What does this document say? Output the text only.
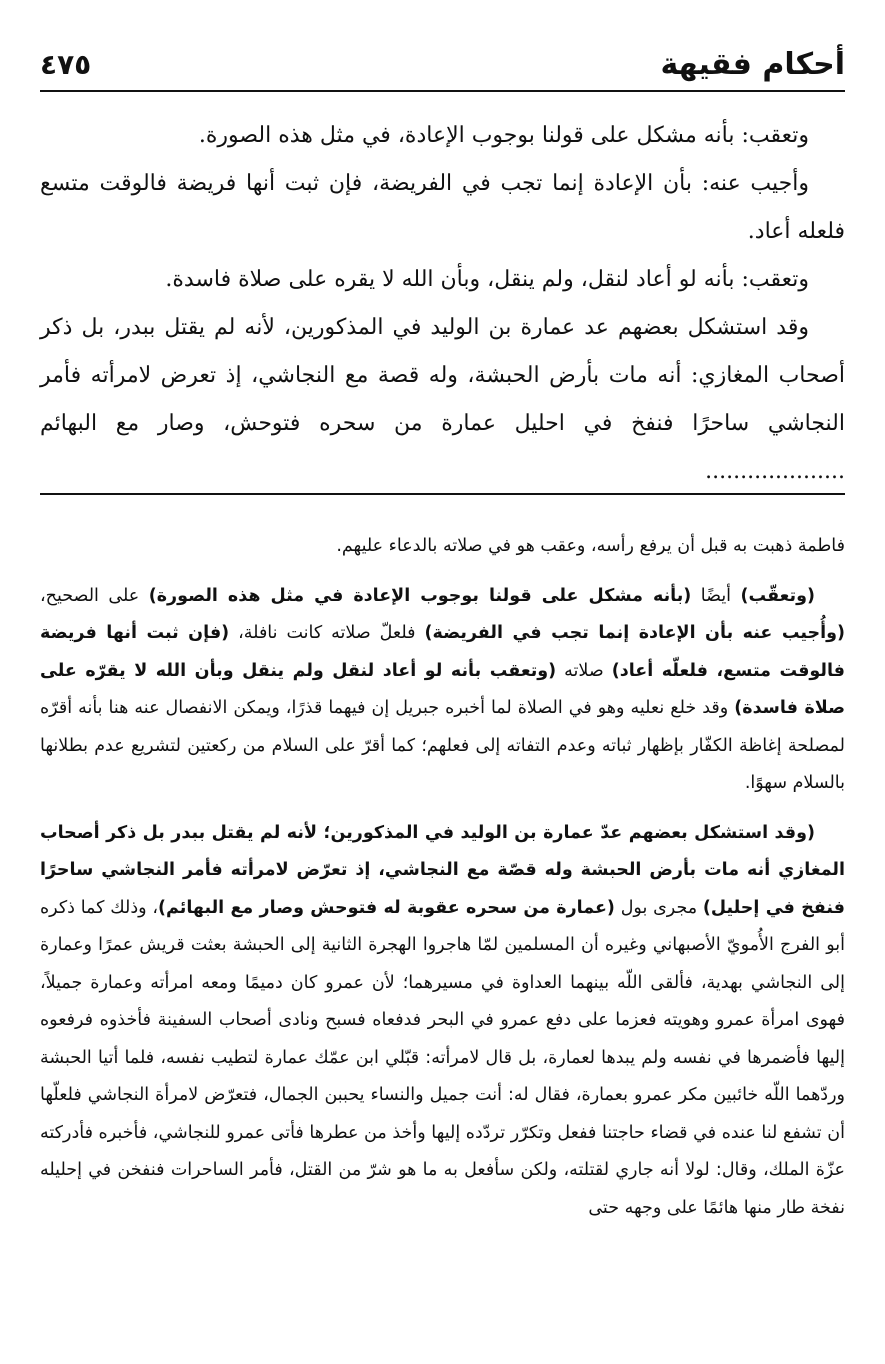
أحكام فقيهة
٤٧٥

وتعقب: بأنه مشكل على قولنا بوجوب الإعادة، في مثل هذه الصورة.

وأجيب عنه: بأن الإعادة إنما تجب في الفريضة، فإن ثبت أنها فريضة فالوقت متسع فلعله أعاد.

وتعقب: بأنه لو أعاد لنقل، ولم ينقل، وبأن الله لا يقره على صلاة فاسدة.

وقد استشكل بعضهم عد عمارة بن الوليد في المذكورين، لأنه لم يقتل ببدر، بل ذكر أصحاب المغازي: أنه مات بأرض الحبشة، وله قصة مع النجاشي، إذ تعرض لامرأته فأمر النجاشي ساحرًا فنفخ في احليل عمارة من سحره فتوحش، وصار مع البهائم ....................

فاطمة ذهبت به قبل أن يرفع رأسه، وعقب هو في صلاته بالدعاء عليهم.

(وتعقّب) أيضًا (بأنه مشكل على قولنا بوجوب الإعادة في مثل هذه الصورة) على الصحيح، (وأُجيب عنه بأن الإعادة إنما تجب في الفريضة) فلعلّ صلاته كانت نافلة، (فإن ثبت أنها فريضة فالوقت متسع، فلعلّه أعاد) صلاته (وتعقب بأنه لو أعاد لنقل ولم ينقل وبأن الله لا يقرّه على صلاة فاسدة) وقد خلع نعليه وهو في الصلاة لما أخبره جبريل إن فيهما قذرًا، ويمكن الانفصال عنه هنا بأنه أقرّه لمصلحة إغاظة الكفّار بإظهار ثباته وعدم التفاته إلى فعلهم؛ كما أقرّ على السلام من ركعتين لتشريع عدم بطلانها بالسلام سهوًا.

(وقد استشكل بعضهم عدّ عمارة بن الوليد في المذكورين؛ لأنه لم يقتل ببدر بل ذكر أصحاب المغازي أنه مات بأرض الحبشة وله قصّة مع النجاشي، إذ تعرّض لامرأته فأمر النجاشي ساحرًا فنفخ في إحليل) مجرى بول (عمارة من سحره عقوبة له فتوحش وصار مع البهائم)، وذلك كما ذكره أبو الفرج الأُمويّ الأصبهاني وغيره أن المسلمين لمّا هاجروا الهجرة الثانية إلى الحبشة بعثت قريش عمرًا وعمارة إلى النجاشي بهدية، فألقى اللّه بينهما العداوة في مسيرهما؛ لأن عمرو كان دميمًا ومعه امرأته وعمارة جميلاً، فهوى امرأة عمرو وهويته فعزما على دفع عمرو في البحر فدفعاه فسبح ونادى أصحاب السفينة فأخذوه فرفعوه إليها فأضمرها في نفسه ولم يبدها لعمارة، بل قال لامرأته: قبّلي ابن عمّك عمارة لتطيب نفسه، فلما أتيا الحبشة وردّهما اللّه خائبين مكر عمرو بعمارة، فقال له: أنت جميل والنساء يحببن الجمال، فتعرّض لامرأة النجاشي فلعلّها أن تشفع لنا عنده في قضاء حاجتنا ففعل وتكرّر تردّده إليها وأخذ من عطرها فأتى عمرو للنجاشي، فأخبره فأدركته عزّة الملك، وقال: لولا أنه جاري لقتلته، ولكن سأفعل به ما هو شرّ من القتل، فأمر الساحرات فنفخن في إحليله نفخة طار منها هائمًا على وجهه حتى
